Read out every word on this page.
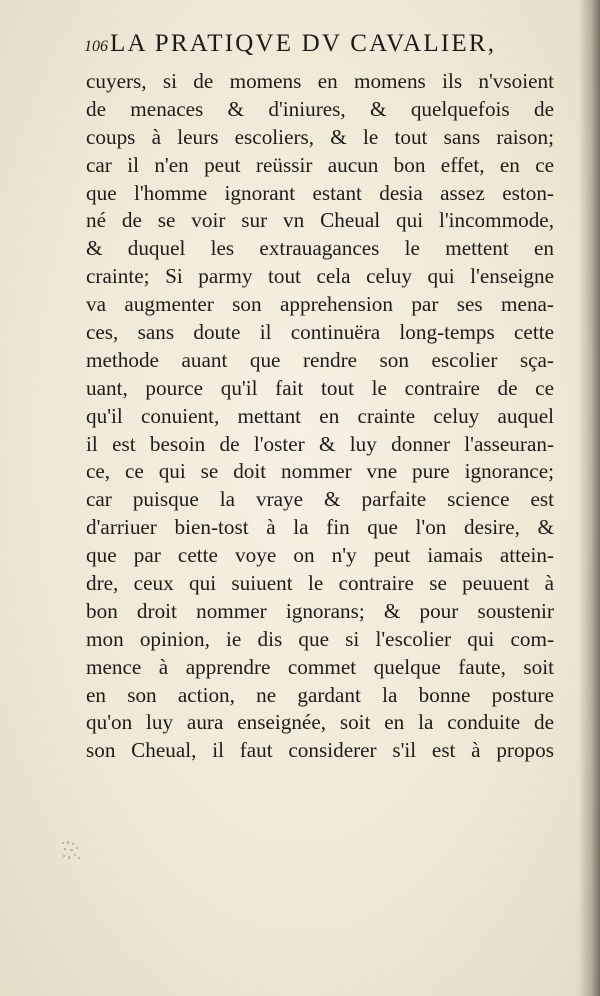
106 LA PRATIQVE DV CAVALIER,
cuyers, si de momens en momens ils n'vsoient
de menaces & d'iniures, & quelquefois de
coups à leurs escoliers, & le tout sans raison;
car il n'en peut reüssir aucun bon effet, en ce
que l'homme ignorant estant desia assez eston-
né de se voir sur vn Cheual qui l'incommode,
& duquel les extrauagances le mettent en
crainte; Si parmy tout cela celuy qui l'enseigne
va augmenter son apprehension par ses mena-
ces, sans doute il continuëra long-temps cette
methode auant que rendre son escolier sça-
uant, pource qu'il fait tout le contraire de ce
qu'il conuient, mettant en crainte celuy auquel
il est besoin de l'oster & luy donner l'asseuran-
ce, ce qui se doit nommer vne pure ignorance;
car puisque la vraye & parfaite science est
d'arriuer bien-tost à la fin que l'on desire, &
que par cette voye on n'y peut iamais attein-
dre, ceux qui suiuent le contraire se peuuent à
bon droit nommer ignorans; & pour soustenir
mon opinion, ie dis que si l'escolier qui com-
mence à apprendre commet quelque faute, soit
en son action, ne gardant la bonne posture
qu'on luy aura enseignée, soit en la conduite de
son Cheual, il faut considerer s'il est à propos
